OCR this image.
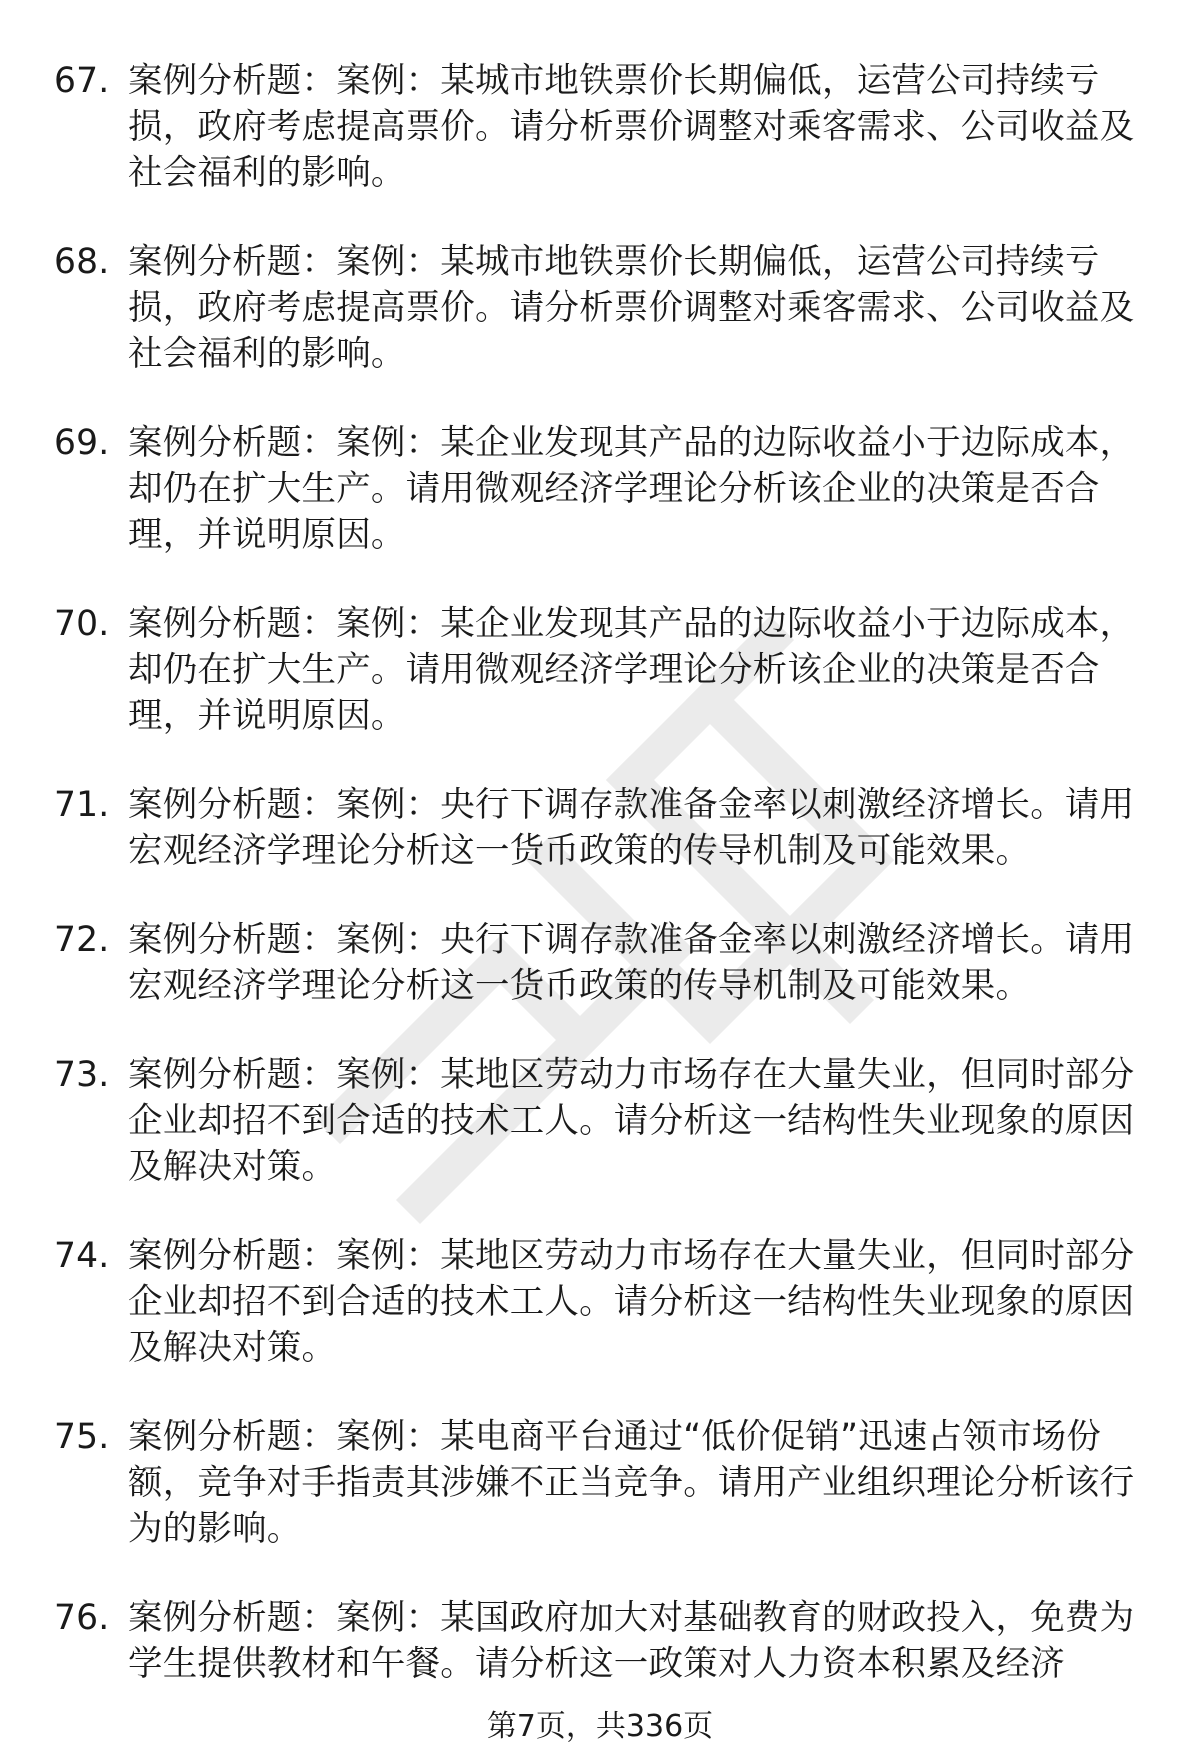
67. 案例分析题：案例：某城市地铁票价长期偏低，运营公司持续亏损，政府考虑提高票价。请分析票价调整对乘客需求、公司收益及社会福利的影响。
68. 案例分析题：案例：某城市地铁票价长期偏低，运营公司持续亏损，政府考虑提高票价。请分析票价调整对乘客需求、公司收益及社会福利的影响。
69. 案例分析题：案例：某企业发现其产品的边际收益小于边际成本，却仍在扩大生产。请用微观经济学理论分析该企业的决策是否合理，并说明原因。
70. 案例分析题：案例：某企业发现其产品的边际收益小于边际成本，却仍在扩大生产。请用微观经济学理论分析该企业的决策是否合理，并说明原因。
71. 案例分析题：案例：央行下调存款准备金率以刺激经济增长。请用宏观经济学理论分析这一货币政策的传导机制及可能效果。
72. 案例分析题：案例：央行下调存款准备金率以刺激经济增长。请用宏观经济学理论分析这一货币政策的传导机制及可能效果。
73. 案例分析题：案例：某地区劳动力市场存在大量失业，但同时部分企业却招不到合适的技术工人。请分析这一结构性失业现象的原因及解决对策。
74. 案例分析题：案例：某地区劳动力市场存在大量失业，但同时部分企业却招不到合适的技术工人。请分析这一结构性失业现象的原因及解决对策。
75. 案例分析题：案例：某电商平台通过“低价促销”迅速占领市场份额，竞争对手指责其涉嫌不正当竞争。请用产业组织理论分析该行为的影响。
76. 案例分析题：案例：某国政府加大对基础教育的财政投入，免费为学生提供教材和午餐。请分析这一政策对人力资本积累及经济
第7页，共336页
